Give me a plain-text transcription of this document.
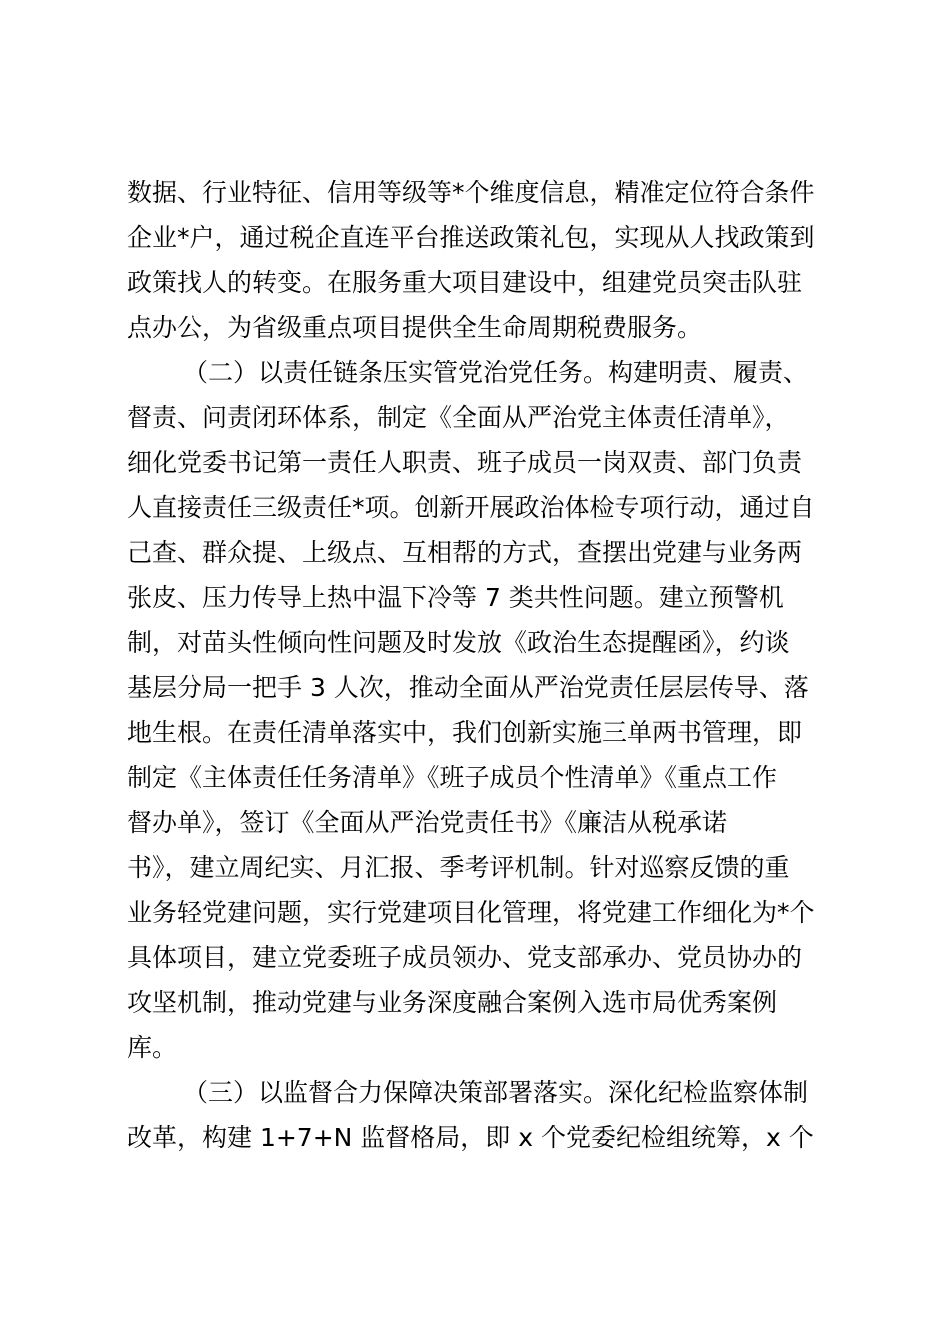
数据、行业特征、信用等级等*个维度信息，精准定位符合条件
企业*户，通过税企直连平台推送政策礼包，实现从人找政策到
政策找人的转变。在服务重大项目建设中，组建党员突击队驻
点办公，为省级重点项目提供全生命周期税费服务。
（二）以责任链条压实管党治党任务。构建明责、履责、
督责、问责闭环体系，制定《全面从严治党主体责任清单》，
细化党委书记第一责任人职责、班子成员一岗双责、部门负责
人直接责任三级责任*项。创新开展政治体检专项行动，通过自
己查、群众提、上级点、互相帮的方式，查摆出党建与业务两
张皮、压力传导上热中温下冷等 7 类共性问题。建立预警机
制，对苗头性倾向性问题及时发放《政治生态提醒函》，约谈
基层分局一把手 3 人次，推动全面从严治党责任层层传导、落
地生根。在责任清单落实中，我们创新实施三单两书管理，即
制定《主体责任任务清单》《班子成员个性清单》《重点工作
督办单》，签订《全面从严治党责任书》《廉洁从税承诺
书》，建立周纪实、月汇报、季考评机制。针对巡察反馈的重
业务轻党建问题，实行党建项目化管理，将党建工作细化为*个
具体项目，建立党委班子成员领办、党支部承办、党员协办的
攻坚机制，推动党建与业务深度融合案例入选市局优秀案例
库。
（三）以监督合力保障决策部署落实。深化纪检监察体制
改革，构建 1+7+N 监督格局，即 x 个党委纪检组统筹，x 个
